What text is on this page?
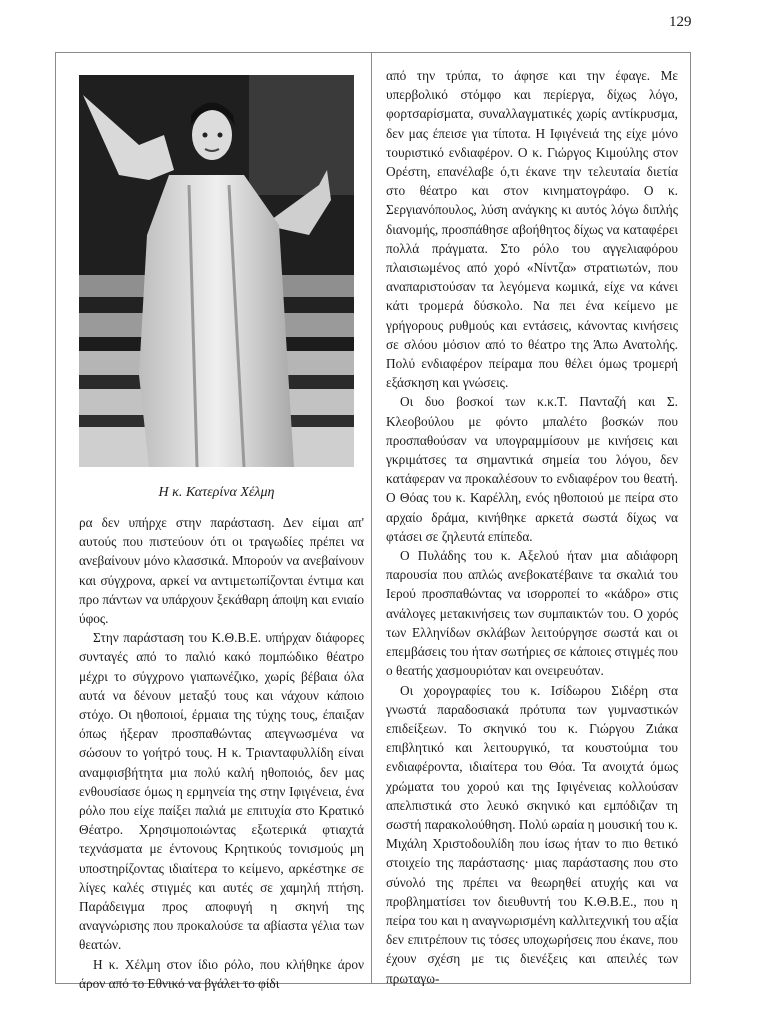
129
Η κ. Κατερίνα Χέλμη

ρα δεν υπήρχε στην παράσταση. Δεν είμαι απ' αυτούς που πιστεύουν ότι οι τραγωδίες πρέπει να ανεβαίνουν μόνο κλασσικά. Μπορούν να ανεβαίνουν και σύγχρονα, αρκεί να αντιμετωπίζονται έντιμα και προ πάντων να υπάρχουν ξεκάθαρη άποψη και ενιαίο ύφος.

Στην παράσταση του Κ.Θ.Β.Ε. υπήρχαν διάφορες συνταγές από το παλιό κακό πομπώδικο θέατρο μέχρι το σύγχρονο γιαπωνέζικο, χωρίς βέβαια όλα αυτά να δένουν μεταξύ τους και νάχουν κάποιο στόχο. Οι ηθοποιοί, έρμαια της τύχης τους, έπαιξαν όπως ήξεραν προσπαθώντας απεγνωσμένα να σώσουν το γοήτρό τους. Η κ. Τριανταφυλλίδη είναι αναμφισβήτητα μια πολύ καλή ηθοποιός, δεν μας ενθουσίασε όμως η ερμηνεία της στην Ιφιγένεια, ένα ρόλο που είχε παίξει παλιά με επιτυχία στο Κρατικό Θέατρο. Χρησιμοποιώντας εξωτερικά φτιαχτά τεχνάσματα με έντονους Κρητικούς τονισμούς μη υποστηρίζοντας ιδιαίτερα το κείμενο, αρκέστηκε σε λίγες καλές στιγμές και αυτές σε χαμηλή πτήση. Παράδειγμα προς αποφυγή η σκηνή της αναγνώρισης που προκαλούσε τα αβίαστα γέλια των θεατών.

Η κ. Χέλμη στον ίδιο ρόλο, που κλήθηκε άρον άρον από το Εθνικό να βγάλει το φίδι

από την τρύπα, το άφησε και την έφαγε. Με υπερβολικό στόμφο και περίεργα, δίχως λόγο, φορτσαρίσματα, συναλλαγματικές χωρίς αντίκρυσμα, δεν μας έπεισε για τίποτα. Η Ιφιγένειά της είχε μόνο τουριστικό ενδιαφέρον. Ο κ. Γιώργος Κιμούλης στον Ορέστη, επανέλαβε ό,τι έκανε την τελευταία διετία στο θέατρο και στον κινηματογράφο. Ο κ. Σεργιανόπουλος, λύση ανάγκης κι αυτός λόγω διπλής διανομής, προσπάθησε αβοήθητος δίχως να καταφέρει πολλά πράγματα. Στο ρόλο του αγγελιαφόρου πλαισιωμένος από χορό «Νίντζα» στρατιωτών, που αναπαριστούσαν τα λεγόμενα κωμικά, είχε να κάνει κάτι τρομερά δύσκολο. Να πει ένα κείμενο με γρήγορους ρυθμούς και εντάσεις, κάνοντας κινήσεις σε σλόου μόσιον από το θέατρο της Άπω Ανατολής. Πολύ ενδιαφέρον πείραμα που θέλει όμως τρομερή εξάσκηση και γνώσεις.

Οι δυο βοσκοί των κ.κ.Τ. Πανταζή και Σ. Κλεοβούλου με φόντο μπαλέτο βοσκών που προσπαθούσαν να υπογραμμίσουν με κινήσεις και γκριμάτσες τα σημαντικά σημεία του λόγου, δεν κατάφεραν να προκαλέσουν το ενδιαφέρον του θεατή. Ο Θόας του κ. Καρέλλη, ενός ηθοποιού με πείρα στο αρχαίο δράμα, κινήθηκε αρκετά σωστά δίχως να φτάσει σε ζηλευτά επίπεδα.

Ο Πυλάδης του κ. Αξελού ήταν μια αδιάφορη παρουσία που απλώς ανεβοκατέβαινε τα σκαλιά του Ιερού προσπαθώντας να ισορροπεί το «κάδρο» στις ανάλογες μετακινήσεις των συμπαικτών του. Ο χορός των Ελληνίδων σκλάβων λειτούργησε σωστά και οι επεμβάσεις του ήταν σωτήριες σε κάποιες στιγμές που ο θεατής χασμουριόταν και ονειρευόταν.

Οι χορογραφίες του κ. Ισίδωρου Σιδέρη στα γνωστά παραδοσιακά πρότυπα των γυμναστικών επιδείξεων. Το σκηνικό του κ. Γιώργου Ζιάκα επιβλητικό και λειτουργικό, τα κουστούμια του ενδιαφέροντα, ιδιαίτερα του Θόα. Τα ανοιχτά όμως χρώματα του χορού και της Ιφιγένειας κολλούσαν απελπιστικά στο λευκό σκηνικό και εμπόδιζαν τη σωστή παρακολούθηση. Πολύ ωραία η μουσική του κ. Μιχάλη Χριστοδουλίδη που ίσως ήταν το πιο θετικό στοιχείο της παράστασης· μιας παράστασης που στο σύνολό της πρέπει να θεωρηθεί ατυχής και να προβληματίσει τον διευθυντή του Κ.Θ.Β.Ε., που η πείρα του και η αναγνωρισμένη καλλιτεχνική του αξία δεν επιτρέπουν τις τόσες υποχωρήσεις που έκανε, που έχουν σχέση με τις διενέξεις και απειλές των πρωταγω-
